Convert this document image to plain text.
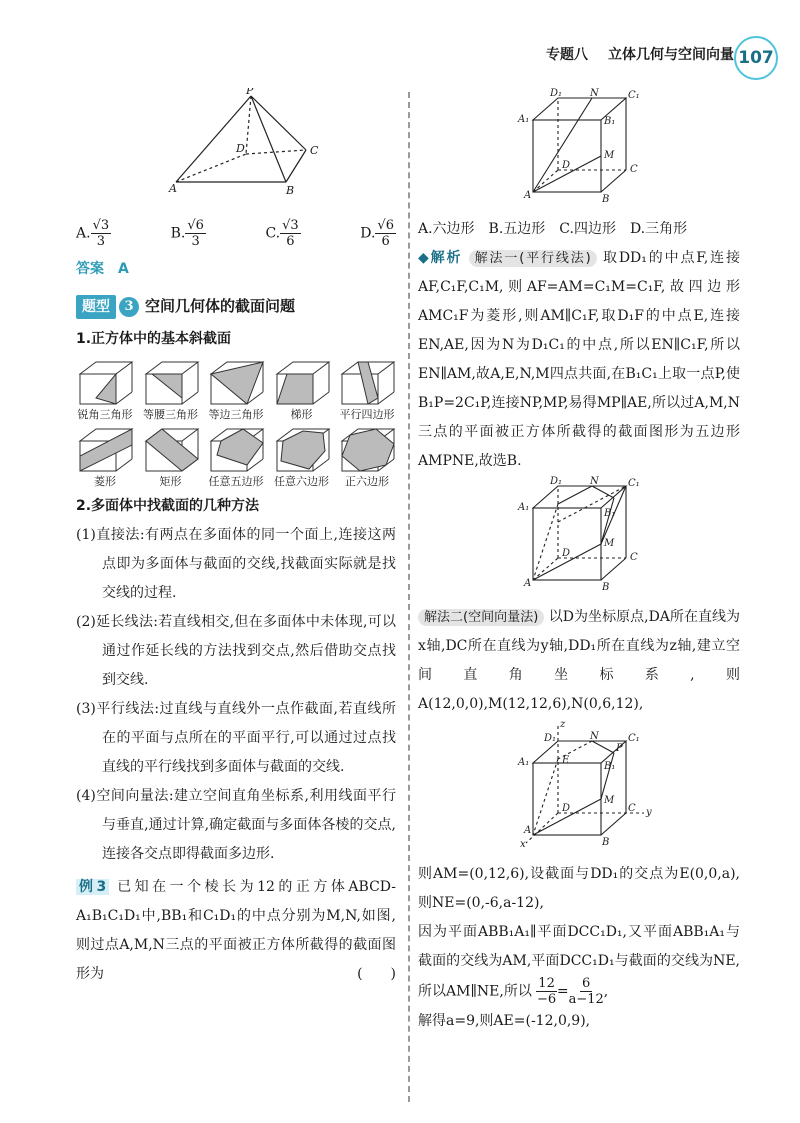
专题八 立体几何与空间向量 107
P
A	B
C
D
A. $\frac{√3}{3}$	B. $\frac{√6}{3}$	C. $\frac{√3}{6}$	D. $\frac{√6}{6}$

答案　 A

题型	3 空间几何体的截面问题

1.正方体中的基本斜截面

锐角三角形 等腰三角形 等边三角形	梯形	平行四边形
菱形	矩形	任意五边形 任意六边形	正六边形

2.多面体中找截面的几种方法

(1)直接法:有两点在多面体的同一个面上,连接这两点即为多面体与截面的交线,找截面实际就是找交线的过程.

(2)延长线法:若直线相交,但在多面体中未体现,可以通过作延长线的方法找到交点,然后借助交点找到交线.

(3)平行线法:过直线与直线外一点作截面,若直线所在的平面与点所在的平面平行,可以通过过点找直线的平行线找到多面体与截面的交线.

(4)空间向量法:建立空间直角坐标系,利用线面平行与垂直,通过计算,确定截面与多面体各棱的交点,连接各交点即得截面多边形.

例3 已知在一个棱长为12的正方体ABCD-A₁B₁C₁D₁中,BB₁和C₁D₁的中点分别为M,N,如图,则过点A,M,N三点的平面被正方体所截得的截面图形为	(　　)

D₁	N	C₁
A₁	B₁
M
D	C
A	B

A.六边形　B.五边形　C.四边形　D.三角形

◆解析 解法一(平行线法) 取DD₁的中点F,连接AF,C₁F,C₁M,则AF=AM=C₁M=C₁F,故四边形AMC₁F为菱形,则AM∥C₁F,取D₁F的中点E,连接EN,AE,因为N为D₁C₁的中点,所以EN∥C₁F,所以EN∥AM,故A,E,N,M四点共面,在B₁C₁上取一点P,使B₁P=2C₁P,连接NP,MP,易得MP∥AE,所以过A,M,N三点的平面被正方体所截得的截面图形为五边形AMPNE,故选B.

D₁	N	C₁
A₁
B₁
M
D	C
A	B

解法二(空间向量法) 以D为坐标原点,DA所在直线为x轴,DC所在直线为y轴,DD₁所在直线为z轴,建立空间直角坐标系,则A(12,0,0),M(12,12,6),N(0,6,12),

z
D₁	N	C₁
A₁	E
P
B₁
M
D	C y
A
B
x

则AM=(0,12,6),设截面与DD₁的交点为E(0,0,a),则NE=(0,-6,a-12),

因为平面ABB₁A₁∥平面DCC₁D₁,又平面ABB₁A₁与截面的交线为AM,平面DCC₁D₁与截面的交线为NE,所以AM∥NE,所以 $\frac{12}{-6} = \frac{6}{a-12}$ ,

解得a=9,则AE=(-12,0,9),
